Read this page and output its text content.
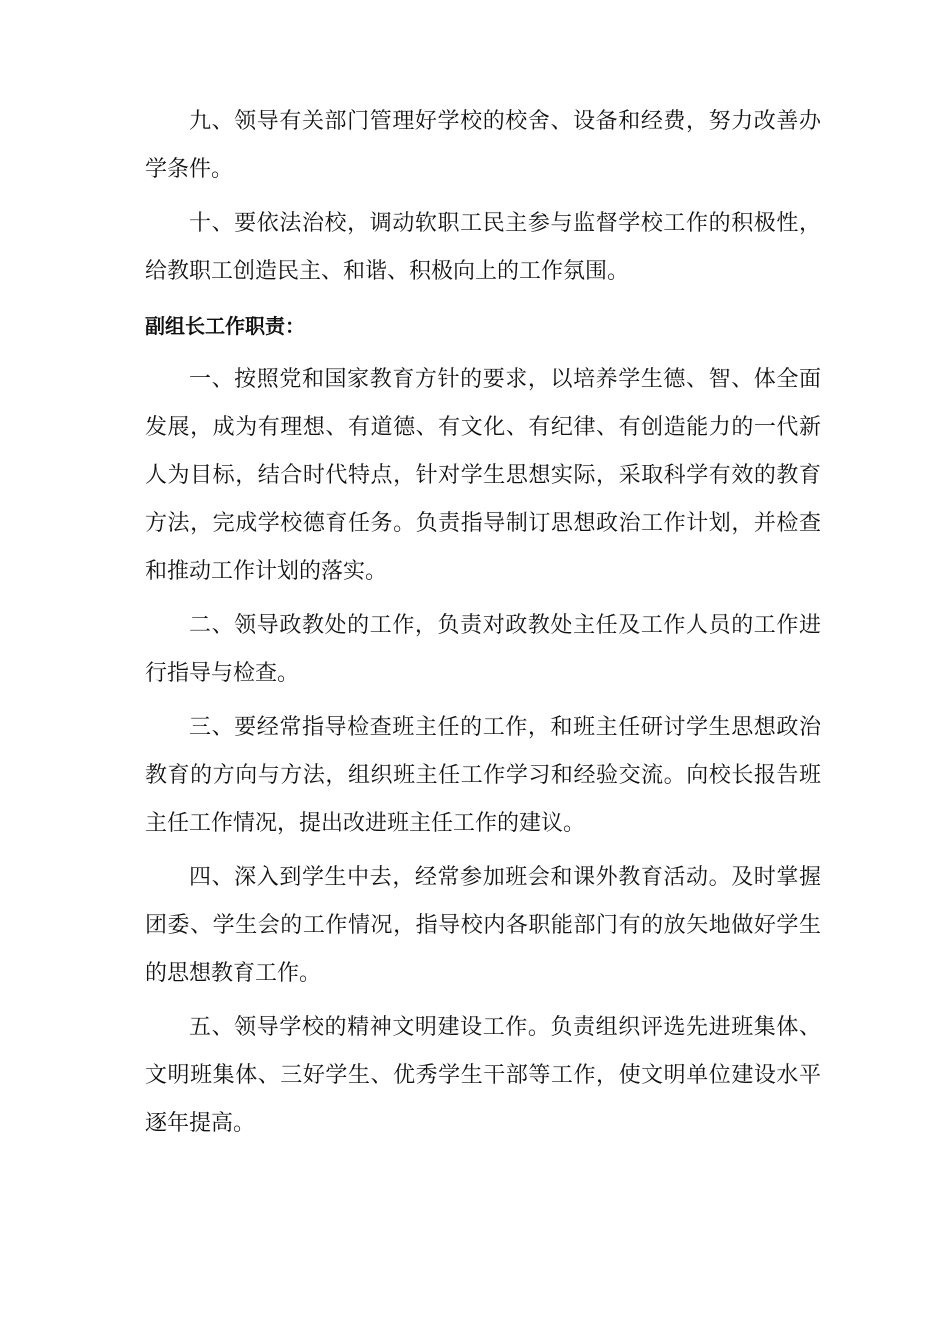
九、领导有关部门管理好学校的校舍、设备和经费，努力改善办学条件。

十、要依法治校，调动软职工民主参与监督学校工作的积极性，给教职工创造民主、和谐、积极向上的工作氛围。

副组长工作职责：

一、按照党和国家教育方针的要求，以培养学生德、智、体全面发展，成为有理想、有道德、有文化、有纪律、有创造能力的一代新人为目标，结合时代特点，针对学生思想实际，采取科学有效的教育方法，完成学校德育任务。负责指导制订思想政治工作计划，并检查和推动工作计划的落实。

二、领导政教处的工作，负责对政教处主任及工作人员的工作进行指导与检查。

三、要经常指导检查班主任的工作，和班主任研讨学生思想政治教育的方向与方法，组织班主任工作学习和经验交流。向校长报告班主任工作情况，提出改进班主任工作的建议。

四、深入到学生中去，经常参加班会和课外教育活动。及时掌握团委、学生会的工作情况，指导校内各职能部门有的放矢地做好学生的思想教育工作。

五、领导学校的精神文明建设工作。负责组织评选先进班集体、文明班集体、三好学生、优秀学生干部等工作，使文明单位建设水平逐年提高。
